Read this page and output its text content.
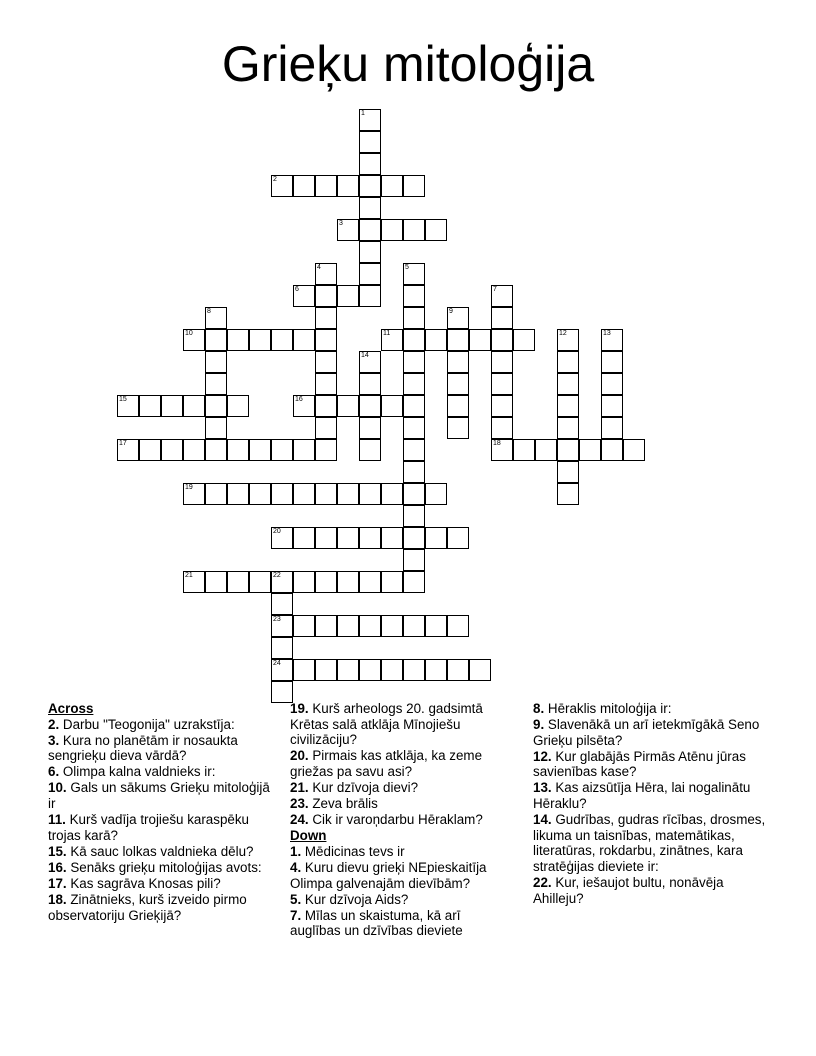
Grieķu mitoloģija
1
2
3
4	5
6	7
8	9
10	11	12	13
14
15	16
17	18
19
20
21	22
23
24
Across
2. Darbu "Teogonija" uzrakstīja:
3. Kura no planētām ir nosaukta sengrieķu dieva vārdā?
6. Olimpa kalna valdnieks ir:
10. Gals un sākums Grieķu mitoloģijā ir
11. Kurš vadīja trojiešu karaspēku trojas karā?
15. Kā sauc lolkas valdnieka dēlu?
16. Senāks grieķu mitoloģijas avots:
17. Kas sagrāva Knosas pili?
18. Zinātnieks, kurš izveido pirmo observatoriju Grieķijā?
19. Kurš arheologs 20. gadsimtā Krētas salā atklāja Mīnojiešu civilizāciju?
20. Pirmais kas atklāja, ka zeme griežas pa savu asi?
21. Kur dzīvoja dievi?
23. Zeva brālis
24. Cik ir varoņdarbu Hēraklam?
Down
1. Mēdicinas tevs ir
4. Kuru dievu grieķi NEpieskaitīja Olimpa galvenajām dievībām?
5. Kur dzīvoja Aids?
7. Mīlas un skaistuma, kā arī auglības un dzīvības dieviete
8. Hēraklis mitoloģija ir:
9. Slavenākā un arī ietekmīgākā Seno Grieķu pilsēta?
12. Kur glabājās Pirmās Atēnu jūras savienības kase?
13. Kas aizsūtīja Hēra, lai nogalinātu Hēraklu?
14. Gudrības, gudras rīcības, drosmes, likuma un taisnības, matemātikas, literatūras, rokdarbu, zinātnes, kara stratēģijas dieviete ir:
22. Kur, iešaujot bultu, nonāvēja Ahilleju?
